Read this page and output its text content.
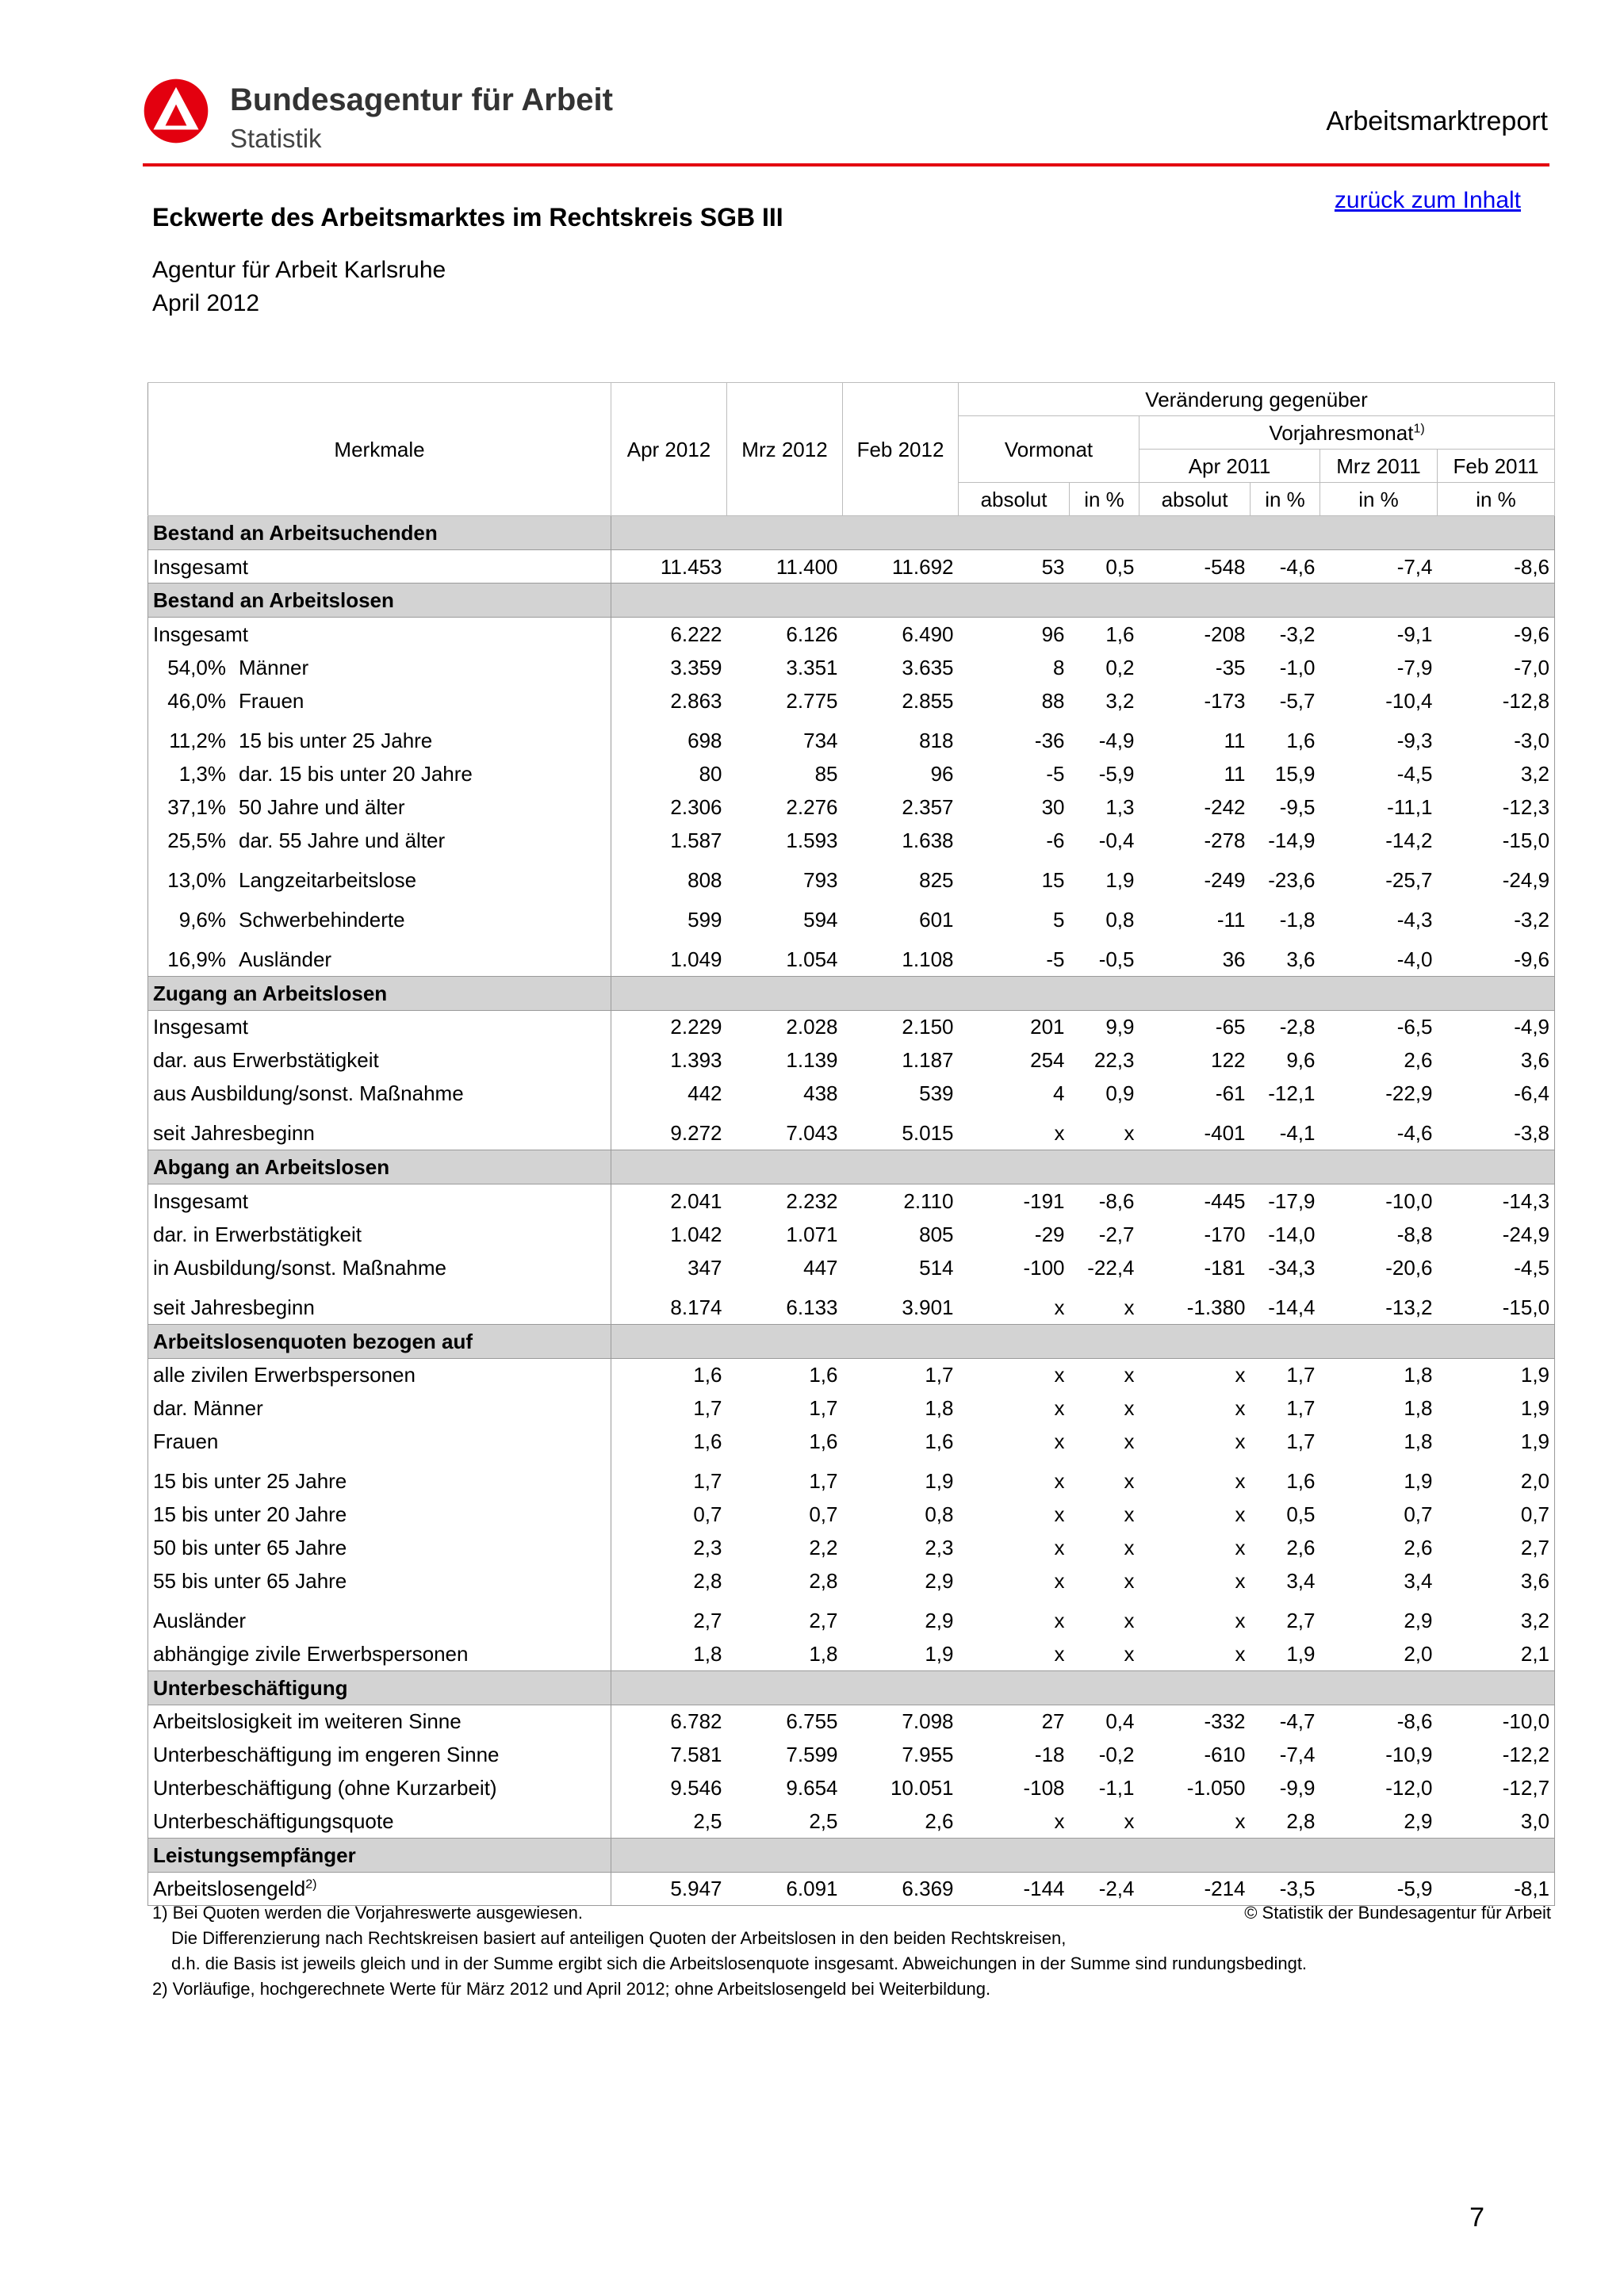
Bundesagentur für Arbeit
Statistik
Arbeitsmarktreport
zurück zum Inhalt
Eckwerte des Arbeitsmarktes im Rechtskreis SGB III
Agentur für Arbeit Karlsruhe
April 2012
Merkmale	Apr 2012	Mrz 2012	Feb 2012	Veränderung gegenüber					
				Vormonat		Vorjahresmonat$^{1)}$
						Apr 2011		Mrz 2011	Feb 2011
				absolut	in %	absolut	in %	in %	in %
Bestand an Arbeitsuchenden									
Insgesamt	11.453	11.400	11.692	53	0,5	-548	-4,6	-7,4	-8,6
Bestand an Arbeitslosen									
Insgesamt	6.222	6.126	6.490	96	1,6	-208	-3,2	-9,1	-9,6
54,0% Männer	3.359	3.351	3.635	8	0,2	-35	-1,0	-7,9	-7,0
46,0% Frauen	2.863	2.775	2.855	88	3,2	-173	-5,7	-10,4	-12,8
11,2% 15 bis unter 25 Jahre	698	734	818	-36	-4,9	11	1,6	-9,3	-3,0
1,3% dar. 15 bis unter 20 Jahre	80	85	96	-5	-5,9	11	15,9	-4,5	3,2
37,1% 50 Jahre und älter	2.306	2.276	2.357	30	1,3	-242	-9,5	-11,1	-12,3
25,5% dar. 55 Jahre und älter	1.587	1.593	1.638	-6	-0,4	-278	-14,9	-14,2	-15,0
13,0% Langzeitarbeitslose	808	793	825	15	1,9	-249	-23,6	-25,7	-24,9
9,6% Schwerbehinderte	599	594	601	5	0,8	-11	-1,8	-4,3	-3,2
16,9% Ausländer	1.049	1.054	1.108	-5	-0,5	36	3,6	-4,0	-9,6
Zugang an Arbeitslosen									
Insgesamt	2.229	2.028	2.150	201	9,9	-65	-2,8	-6,5	-4,9
dar. aus Erwerbstätigkeit	1.393	1.139	1.187	254	22,3	122	9,6	2,6	3,6
aus Ausbildung/sonst. Maßnahme	442	438	539	4	0,9	-61	-12,1	-22,9	-6,4
seit Jahresbeginn	9.272	7.043	5.015	x	x	-401	-4,1	-4,6	-3,8
Abgang an Arbeitslosen									
Insgesamt	2.041	2.232	2.110	-191	-8,6	-445	-17,9	-10,0	-14,3
dar. in Erwerbstätigkeit	1.042	1.071	805	-29	-2,7	-170	-14,0	-8,8	-24,9
in Ausbildung/sonst. Maßnahme	347	447	514	-100	-22,4	-181	-34,3	-20,6	-4,5
seit Jahresbeginn	8.174	6.133	3.901	x	x	-1.380	-14,4	-13,2	-15,0
Arbeitslosenquoten bezogen auf									
alle zivilen Erwerbspersonen	1,6	1,6	1,7	x	x	x	1,7	1,8	1,9
dar. Männer	1,7	1,7	1,8	x	x	x	1,7	1,8	1,9
Frauen	1,6	1,6	1,6	x	x	x	1,7	1,8	1,9
15 bis unter 25 Jahre	1,7	1,7	1,9	x	x	x	1,6	1,9	2,0
15 bis unter 20 Jahre	0,7	0,7	0,8	x	x	x	0,5	0,7	0,7
50 bis unter 65 Jahre	2,3	2,2	2,3	x	x	x	2,6	2,6	2,7
55 bis unter 65 Jahre	2,8	2,8	2,9	x	x	x	3,4	3,4	3,6
Ausländer	2,7	2,7	2,9	x	x	x	2,7	2,9	3,2
abhängige zivile Erwerbspersonen	1,8	1,8	1,9	x	x	x	1,9	2,0	2,1
Unterbeschäftigung									
Arbeitslosigkeit im weiteren Sinne	6.782	6.755	7.098	27	0,4	-332	-4,7	-8,6	-10,0
Unterbeschäftigung im engeren Sinne	7.581	7.599	7.955	-18	-0,2	-610	-7,4	-10,9	-12,2
Unterbeschäftigung (ohne Kurzarbeit)	9.546	9.654	10.051	-108	-1,1	-1.050	-9,9	-12,0	-12,7
Unterbeschäftigungsquote	2,5	2,5	2,6	x	x	x	2,8	2,9	3,0
Leistungsempfänger									
Arbeitslosengeld$^{2)}$	5.947	6.091	6.369	-144	-2,4	-214	-3,5	-5,9	-8,1
1) Bei Quoten werden die Vorjahreswerte ausgewiesen.
Die Differenzierung nach Rechtskreisen basiert auf anteiligen Quoten der Arbeitslosen in den beiden Rechtskreisen,
d.h. die Basis ist jeweils gleich und in der Summe ergibt sich die Arbeitslosenquote insgesamt. Abweichungen in der Summe sind rundungsbedingt.
2) Vorläufige, hochgerechnete Werte für März 2012 und April 2012; ohne Arbeitslosengeld bei Weiterbildung.
© Statistik der Bundesagentur für Arbeit
7
